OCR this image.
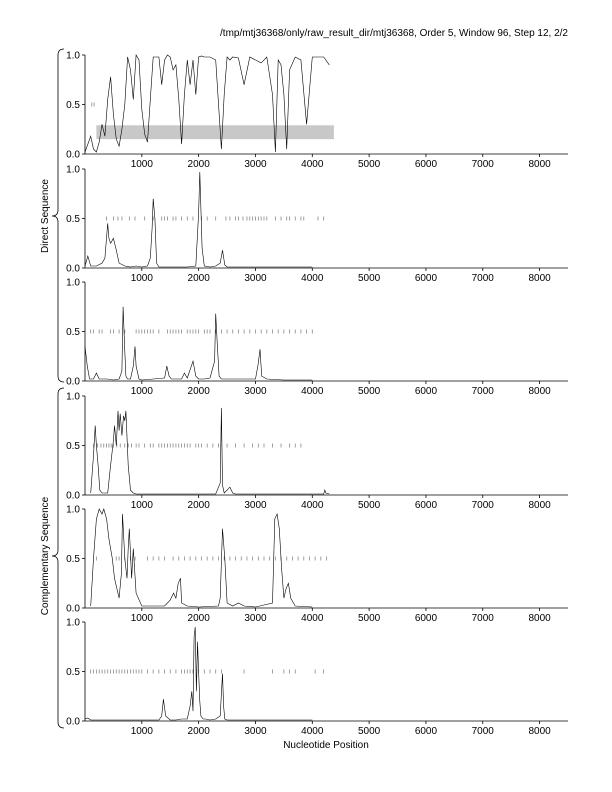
/tmp/mtj36368/only/raw_result_dir/mtj36368, Order 5, Window 96, Step 12, 2/2
0.0
0.5
1.0
1000	2000	3000	4000	5000	6000	7000	8000
0.0
0.5
1.0
1000	2000	3000	4000	5000	6000	7000	8000
0.0
0.5
1.0
1000	2000	3000	4000	5000	6000	7000	8000
0.0
0.5
1.0
1000	2000	3000	4000	5000	6000	7000	8000
0.0
0.5
1.0
1000	2000	3000	4000	5000	6000	7000	8000
0.0
0.5
1.0
1000	2000	3000	4000	5000	6000	7000	8000
Direct Sequence
Complementary Sequence
Nucleotide Position
